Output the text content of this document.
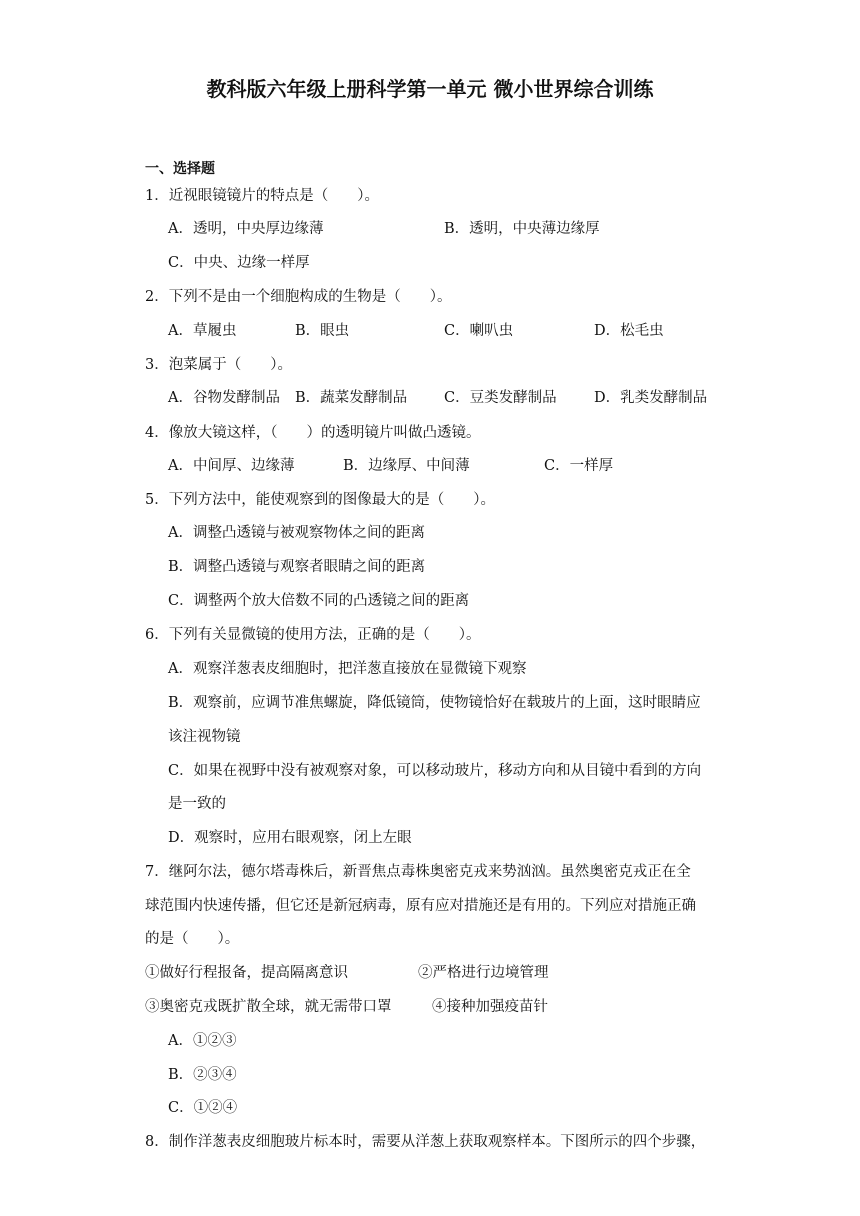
教科版六年级上册科学第一单元 微小世界综合训练
一、选择题
1．近视眼镜镜片的特点是（　　）。
A．透明，中央厚边缘薄	B．透明，中央薄边缘厚
C．中央、边缘一样厚
2．下列不是由一个细胞构成的生物是（　　）。
A．草履虫	B．眼虫	C．喇叭虫	D．松毛虫
3．泡菜属于（　　）。
A．谷物发酵制品 B．蔬菜发酵制品	C．豆类发酵制品	D．乳类发酵制品
4．像放大镜这样，（　　）的透明镜片叫做凸透镜。
A．中间厚、边缘薄	B．边缘厚、中间薄	C．一样厚
5．下列方法中，能使观察到的图像最大的是（　　）。
A．调整凸透镜与被观察物体之间的距离
B．调整凸透镜与观察者眼睛之间的距离
C．调整两个放大倍数不同的凸透镜之间的距离
6．下列有关显微镜的使用方法，正确的是（　　）。
A．观察洋葱表皮细胞时，把洋葱直接放在显微镜下观察
B．观察前，应调节准焦螺旋，降低镜筒，使物镜恰好在载玻片的上面，这时眼睛应
该注视物镜
C．如果在视野中没有被观察对象，可以移动玻片，移动方向和从目镜中看到的方向
是一致的
D．观察时，应用右眼观察，闭上左眼
7．继阿尔法，德尔塔毒株后，新晋焦点毒株奥密克戎来势汹汹。虽然奥密克戎正在全
球范围内快速传播，但它还是新冠病毒，原有应对措施还是有用的。下列应对措施正确
的是（　　）。
①做好行程报备，提高隔离意识	②严格进行边境管理
③奥密克戎既扩散全球，就无需带口罩	④接种加强疫苗针
A．①②③
B．②③④
C．①②④
8．制作洋葱表皮细胞玻片标本时，需要从洋葱上获取观察样本。下图所示的四个步骤，
